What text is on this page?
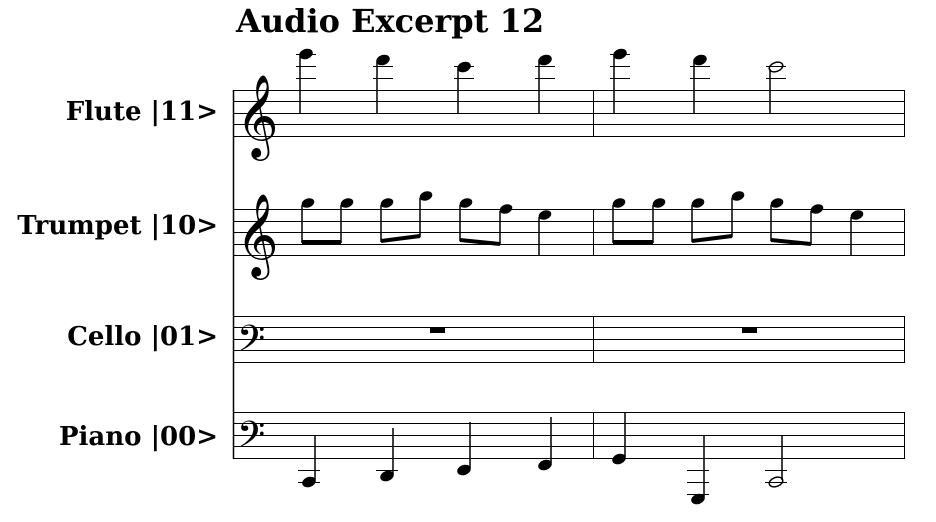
Audio Excerpt 12
Flute |11>
Trumpet |10>
Cello |01>
Piano |00>
𝄞
𝄞
𝄢
𝄢
